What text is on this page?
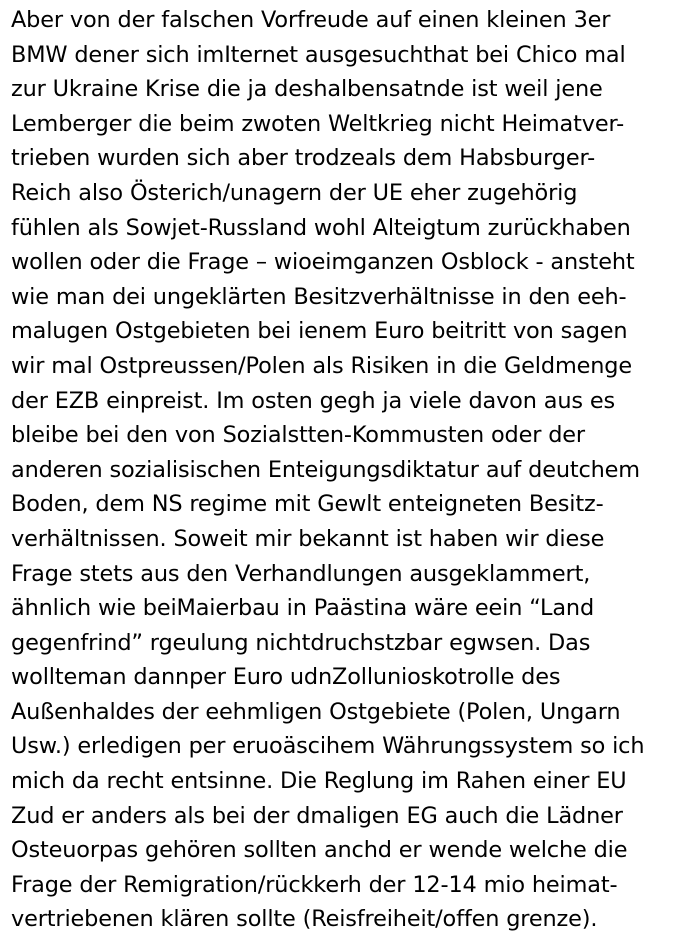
Aber von der falschen Vorfreude auf einen kleinen 3er
BMW dener sich imIternet ausgesuchthat bei Chico mal
zur Ukraine Krise die ja deshalbensatnde ist weil jene
Lemberger die beim zwoten Weltkrieg nicht Heimatver-
trieben wurden sich aber trodzeals dem Habsburger-
Reich also Österich/unagern der UE eher zugehörig
fühlen als Sowjet-Russland wohl Alteigtum zurückhaben
wollen oder die Frage – wioeimganzen Osblock - ansteht
wie man dei ungeklärten Besitzverhältnisse in den eeh-
malugen Ostgebieten bei ienem Euro beitritt von sagen
wir mal Ostpreussen/Polen als Risiken in die Geldmenge
der EZB einpreist. Im osten gegh ja viele davon aus es
bleibe bei den von Sozialstten-Kommusten oder der
anderen sozialisischen Enteigungsdiktatur auf deutchem
Boden, dem NS regime mit Gewlt enteigneten Besitz-
verhältnissen. Soweit mir bekannt ist haben wir diese
Frage stets aus den Verhandlungen ausgeklammert,
ähnlich wie beiMaierbau in Paästina wäre eein “Land
gegenfrind” rgeulung nichtdruchstzbar egwsen. Das
wollteman dannper Euro udnZollunioskotrolle des
Außenhaldes der eehmligen Ostgebiete (Polen, Ungarn
Usw.) erledigen per eruoäscihem Währungssystem so ich
mich da recht entsinne. Die Reglung im Rahen einer EU
Zud er anders als bei der dmaligen EG auch die Lädner
Osteuorpas gehören sollten anchd er wende welche die
Frage der Remigration/rückkerh der 12-14 mio heimat-
vertriebenen klären sollte (Reisfreiheit/offen grenze).
